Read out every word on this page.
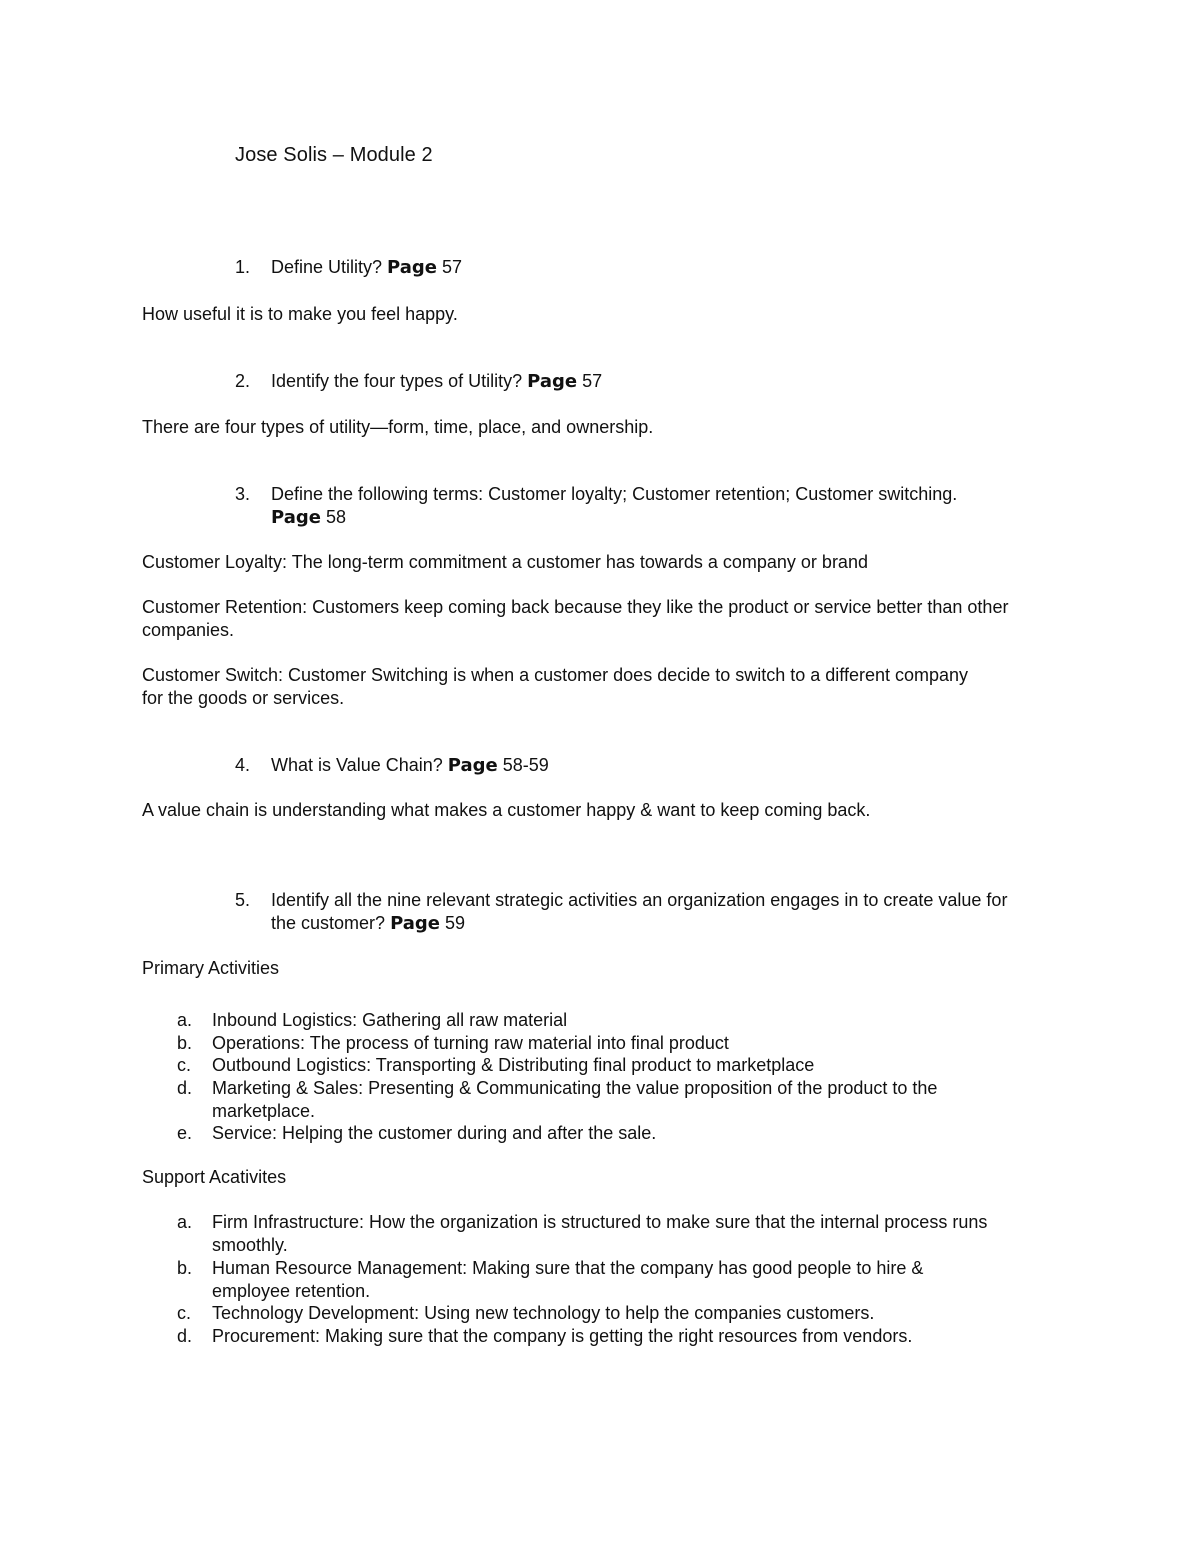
Jose Solis – Module 2
1. Define Utility? Page 57
How useful it is to make you feel happy.
2. Identify the four types of Utility? Page 57
There are four types of utility—form, time, place, and ownership.
3. Define the following terms: Customer loyalty; Customer retention; Customer switching. Page 58
Customer Loyalty: The long-term commitment a customer has towards a company or brand
Customer Retention: Customers keep coming back because they like the product or service better than other companies.
Customer Switch: Customer Switching is when a customer does decide to switch to a different company for the goods or services.
4. What is Value Chain? Page 58-59
A value chain is understanding what makes a customer happy & want to keep coming back.
5. Identify all the nine relevant strategic activities an organization engages in to create value for the customer? Page 59
Primary Activities
a. Inbound Logistics: Gathering all raw material
b. Operations: The process of turning raw material into final product
c. Outbound Logistics: Transporting & Distributing final product to marketplace
d. Marketing & Sales: Presenting & Communicating the value proposition of the product to the marketplace.
e. Service: Helping the customer during and after the sale.
Support Acativites
a. Firm Infrastructure: How the organization is structured to make sure that the internal process runs smoothly.
b. Human Resource Management: Making sure that the company has good people to hire & employee retention.
c. Technology Development: Using new technology to help the companies customers.
d. Procurement: Making sure that the company is getting the right resources from vendors.
